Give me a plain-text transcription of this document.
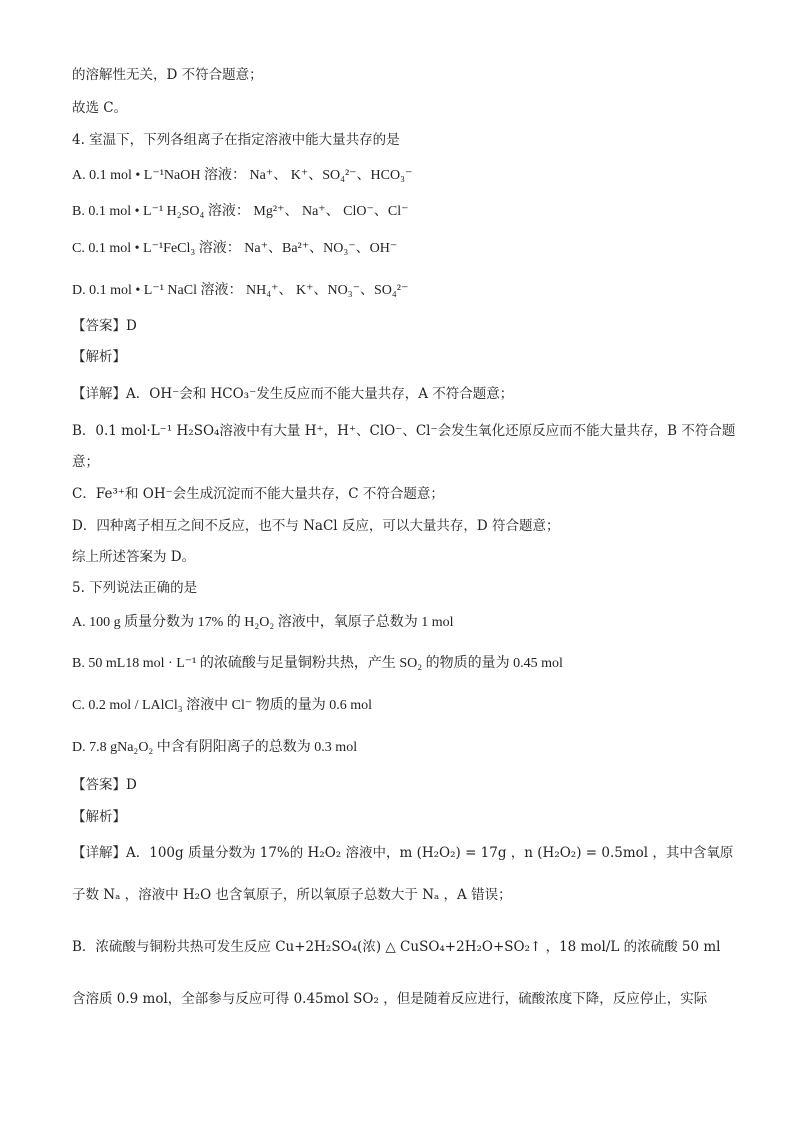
的溶解性无关，D 不符合题意；
故选 C。
4. 室温下，下列各组离子在指定溶液中能大量共存的是
A. 0.1 mol • L⁻¹NaOH 溶液： Na⁺、 K⁺、SO₄²⁻、HCO₃⁻
B. 0.1 mol • L⁻¹ H₂SO₄ 溶液： Mg²⁺、 Na⁺、 ClO⁻、Cl⁻
C. 0.1 mol • L⁻¹FeCl₃ 溶液： Na⁺、Ba²⁺、NO₃⁻、OH⁻
D. 0.1 mol • L⁻¹ NaCl 溶液： NH₄⁺、 K⁺、NO₃⁻、SO₄²⁻
【答案】D
【解析】
【详解】A．OH⁻会和 HCO₃⁻发生反应而不能大量共存，A 不符合题意；
B．0.1 mol·L⁻¹ H₂SO₄溶液中有大量 H⁺，H⁺、ClO⁻、Cl⁻会发生氧化还原反应而不能大量共存，B 不符合题
意；
C．Fe³⁺和 OH⁻会生成沉淀而不能大量共存，C 不符合题意；
D．四种离子相互之间不反应，也不与 NaCl 反应，可以大量共存，D 符合题意；
综上所述答案为 D。
5. 下列说法正确的是
A. 100 g 质量分数为 17% 的 H₂O₂ 溶液中，氧原子总数为 1 mol
B. 50 mL18 mol · L⁻¹ 的浓硫酸与足量铜粉共热，产生 SO₂ 的物质的量为 0.45 mol
C. 0.2 mol / LAlCl₃ 溶液中 Cl⁻ 物质的量为 0.6 mol
D. 7.8 gNa₂O₂ 中含有阴阳离子的总数为 0.3 mol
【答案】D
【解析】
【详解】A．100g 质量分数为 17%的 H₂O₂ 溶液中，m (H₂O₂) = 17g ，n (H₂O₂) = 0.5mol ，其中含氧原
子数 Nₐ ，溶液中 H₂O 也含氧原子，所以氧原子总数大于 Nₐ ，A 错误；
B．浓硫酸与铜粉共热可发生反应 Cu+2H₂SO₄(浓) △ CuSO₄+2H₂O+SO₂↑ ，18 mol/L 的浓硫酸 50 ml
含溶质 0.9 mol，全部参与反应可得 0.45mol SO₂ ，但是随着反应进行，硫酸浓度下降，反应停止，实际
